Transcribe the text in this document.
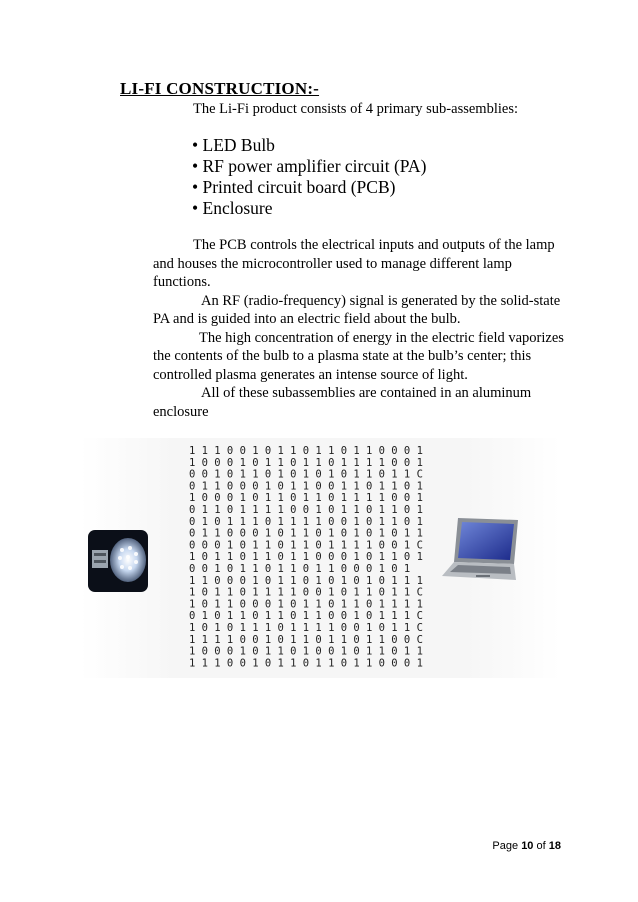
LI-FI CONSTRUCTION:-
The Li-Fi product consists of 4 primary sub-assemblies:
• LED Bulb
• RF power amplifier circuit (PA)
• Printed circuit board (PCB)
• Enclosure

The PCB controls the electrical inputs and outputs of the lamp and houses the microcontroller used to manage different lamp functions.

An RF (radio-frequency) signal is generated by the solid-state PA and is guided into an electric field about the bulb.

The high concentration of energy in the electric field vaporizes the contents of the bulb to a plasma state at the bulb’s center; this controlled plasma generates an intense source of light.

All of these subassemblies are contained in an aluminum enclosure

1 1 1 0 0 1 0 1 1 0 1 1 0 1 1 0 0 0 1
1 0 0 0 1 0 1 1 0 1 1 0 1 1 1 1 0 0 1
0 0 1 0 1 1 0 1 0 1 0 1 0 1 1 0 1 1 C
0 1 1 0 0 0 1 0 1 1 0 0 1 1 0 1 1 0 1
1 0 0 0 1 0 1 1 0 1 1 0 1 1 1 1 0 0 1
0 1 1 0 1 1 1 1 0 0 1 0 1 1 0 1 1 0 1
0 1 0 1 1 1 0 1 1 1 1 0 0 1 0 1 1 0 1
0 1 1 0 0 0 1 0 1 1 0 1 0 1 0 1 0 1 1
0 0 0 1 0 1 1 0 1 1 0 1 1 1 1 0 0 1 C
1 0 1 1 0 1 1 0 1 1 0 0 0 1 0 1 1 0 1
0 0 1 0 1 1 0 1 1 0 1 1 0 0 0 1 0 1
1 1 0 0 0 1 0 1 1 0 1 0 1 0 1 0 1 1 1
1 0 1 1 0 1 1 1 1 0 0 1 0 1 1 0 1 1 C
1 0 1 1 0 0 0 1 0 1 1 0 1 1 0 1 1 1 1
0 1 0 1 1 0 1 1 0 1 1 0 0 1 0 1 1 1 C
1 0 1 0 1 1 1 0 1 1 1 1 0 0 1 0 1 1 C
1 1 1 1 0 0 1 0 1 1 0 1 1 0 1 1 0 0 C
1 0 0 0 1 0 1 1 0 1 0 0 1 0 1 1 0 1 1
1 1 1 0 0 1 0 1 1 0 1 1 0 1 1 0 0 0 1
Page 10 of 18
